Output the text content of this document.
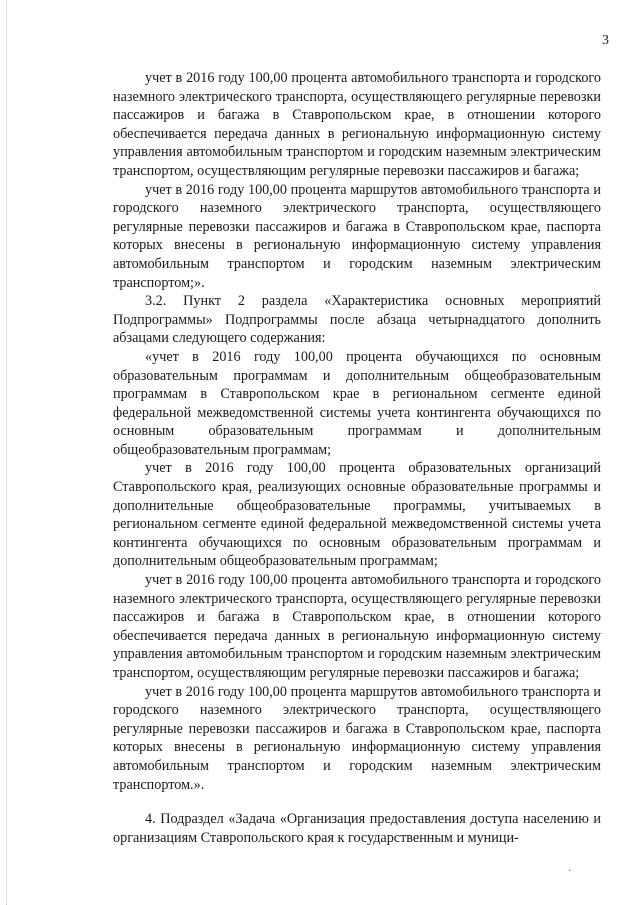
3

учет в 2016 году 100,00 процента автомобильного транспорта и городского наземного электрического транспорта, осуществляющего регулярные перевозки пассажиров и багажа в Ставропольском крае, в отношении которого обеспечивается передача данных в региональную информационную систему управления автомобильным транспортом и городским наземным электрическим транспортом, осуществляющим регулярные перевозки пассажиров и багажа;

учет в 2016 году 100,00 процента маршрутов автомобильного транспорта и городского наземного электрического транспорта, осуществляющего регулярные перевозки пассажиров и багажа в Ставропольском крае, паспорта которых внесены в региональную информационную систему управления автомобильным транспортом и городским наземным электрическим транспортом;».

3.2. Пункт 2 раздела «Характеристика основных мероприятий Подпрограммы» Подпрограммы после абзаца четырнадцатого дополнить абзацами следующего содержания:

«учет в 2016 году 100,00 процента обучающихся по основным образовательным программам и дополнительным общеобразовательным программам в Ставропольском крае в региональном сегменте единой федеральной межведомственной системы учета контингента обучающихся по основным образовательным программам и дополнительным общеобразовательным программам;

учет в 2016 году 100,00 процента образовательных организаций Ставропольского края, реализующих основные образовательные программы и дополнительные общеобразовательные программы, учитываемых в региональном сегменте единой федеральной межведомственной системы учета контингента обучающихся по основным образовательным программам и дополнительным общеобразовательным программам;

учет в 2016 году 100,00 процента автомобильного транспорта и городского наземного электрического транспорта, осуществляющего регулярные перевозки пассажиров и багажа в Ставропольском крае, в отношении которого обеспечивается передача данных в региональную информационную систему управления автомобильным транспортом и городским наземным электрическим транспортом, осуществляющим регулярные перевозки пассажиров и багажа;

учет в 2016 году 100,00 процента маршрутов автомобильного транспорта и городского наземного электрического транспорта, осуществляющего регулярные перевозки пассажиров и багажа в Ставропольском крае, паспорта которых внесены в региональную информационную систему управления автомобильным транспортом и городским наземным электрическим транспортом.».

4. Подраздел «Задача «Организация предоставления доступа населению и организациям Ставропольского края к государственным и муници-

·
